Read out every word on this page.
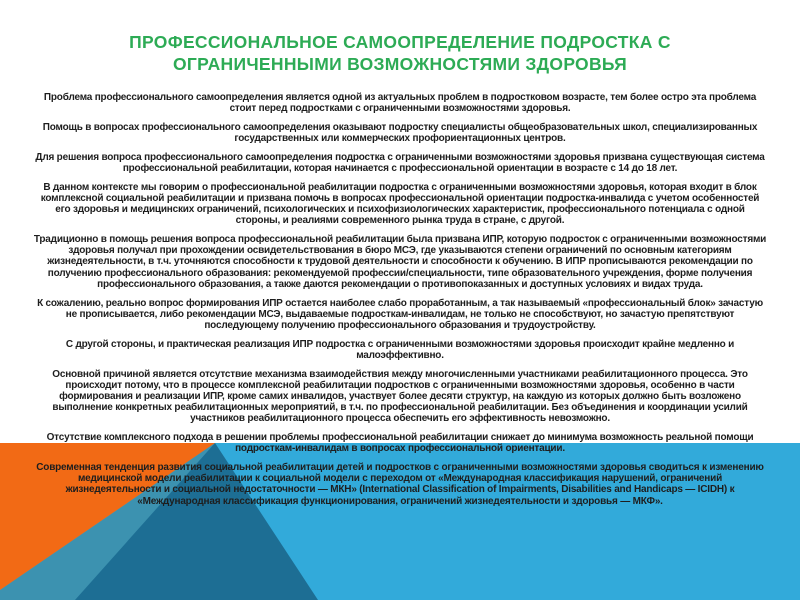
ПРОФЕССИОНАЛЬНОЕ САМООПРЕДЕЛЕНИЕ ПОДРОСТКА С ОГРАНИЧЕННЫМИ ВОЗМОЖНОСТЯМИ ЗДОРОВЬЯ

Проблема профессионального самоопределения является одной из актуальных проблем в подростковом возрасте, тем более остро эта проблема стоит перед подростками с ограниченными возможностями здоровья.

Помощь в вопросах профессионального самоопределения оказывают подростку специалисты общеобразовательных школ, специализированных государственных или коммерческих профориентационных центров.

Для решения вопроса профессионального самоопределения подростка с ограниченными возможностями здоровья призвана существующая система профессиональной реабилитации, которая начинается с профессиональной ориентации в возрасте с 14 до 18 лет.

В данном контексте мы говорим о профессиональной реабилитации подростка с ограниченными возможностями здоровья, которая входит в блок комплексной социальной реабилитации и призвана помочь в вопросах профессиональной ориентации подростка-инвалида с учетом особенностей его здоровья и медицинских ограничений, психологических и психофизиологических характеристик, профессионального потенциала с одной стороны, и реалиями современного рынка труда в стране, с другой.

Традиционно в помощь решения вопроса профессиональной реабилитации была призвана ИПР, которую подросток с ограниченными возможностями здоровья получал при прохождении освидетельствования в бюро МСЭ, где указываются степени ограничений по основным категориям жизнедеятельности, в т.ч. уточняются способности к трудовой деятельности и способности к обучению. В ИПР прописываются рекомендации по получению профессионального образования: рекомендуемой профессии/специальности, типе образовательного учреждения, форме получения профессионального образования, а также даются рекомендации о противопоказанных и доступных условиях и видах труда.

К сожалению, реально вопрос формирования ИПР остается наиболее слабо проработанным, а так называемый «профессиональный блок» зачастую не прописывается, либо рекомендации МСЭ, выдаваемые подросткам-инвалидам, не только не способствуют, но зачастую препятствуют последующему получению профессионального образования и трудоустройству.

С другой стороны, и практическая реализация ИПР подростка с ограниченными возможностями здоровья происходит крайне медленно и малоэффективно.

Основной причиной является отсутствие механизма взаимодействия между многочисленными участниками реабилитационного процесса. Это происходит потому, что в процессе комплексной реабилитации подростков с ограниченными возможностями здоровья, особенно в части формирования и реализации ИПР, кроме самих инвалидов, участвует более десяти структур, на каждую из которых должно быть возложено выполнение конкретных реабилитационных мероприятий, в т.ч. по профессиональной реабилитации. Без объединения и координации усилий участников реабилитационного процесса обеспечить его эффективность невозможно.

Отсутствие комплексного подхода в решении проблемы профессиональной реабилитации снижает до минимума возможность реальной помощи подросткам-инвалидам в вопросах профессиональной ориентации.

Современная тенденция развития социальной реабилитации детей и подростков с ограниченными возможностями здоровья сводиться к изменению медицинской модели реабилитации к социальной модели с переходом от «Международная классификация нарушений, ограничений жизнедеятельности и социальной недостаточности — МКН» (International Classification of Impairments, Disabilities and Handicaps — ICIDH) к «Международная классификация функционирования, ограничений жизнедеятельности и здоровья — МКФ».
